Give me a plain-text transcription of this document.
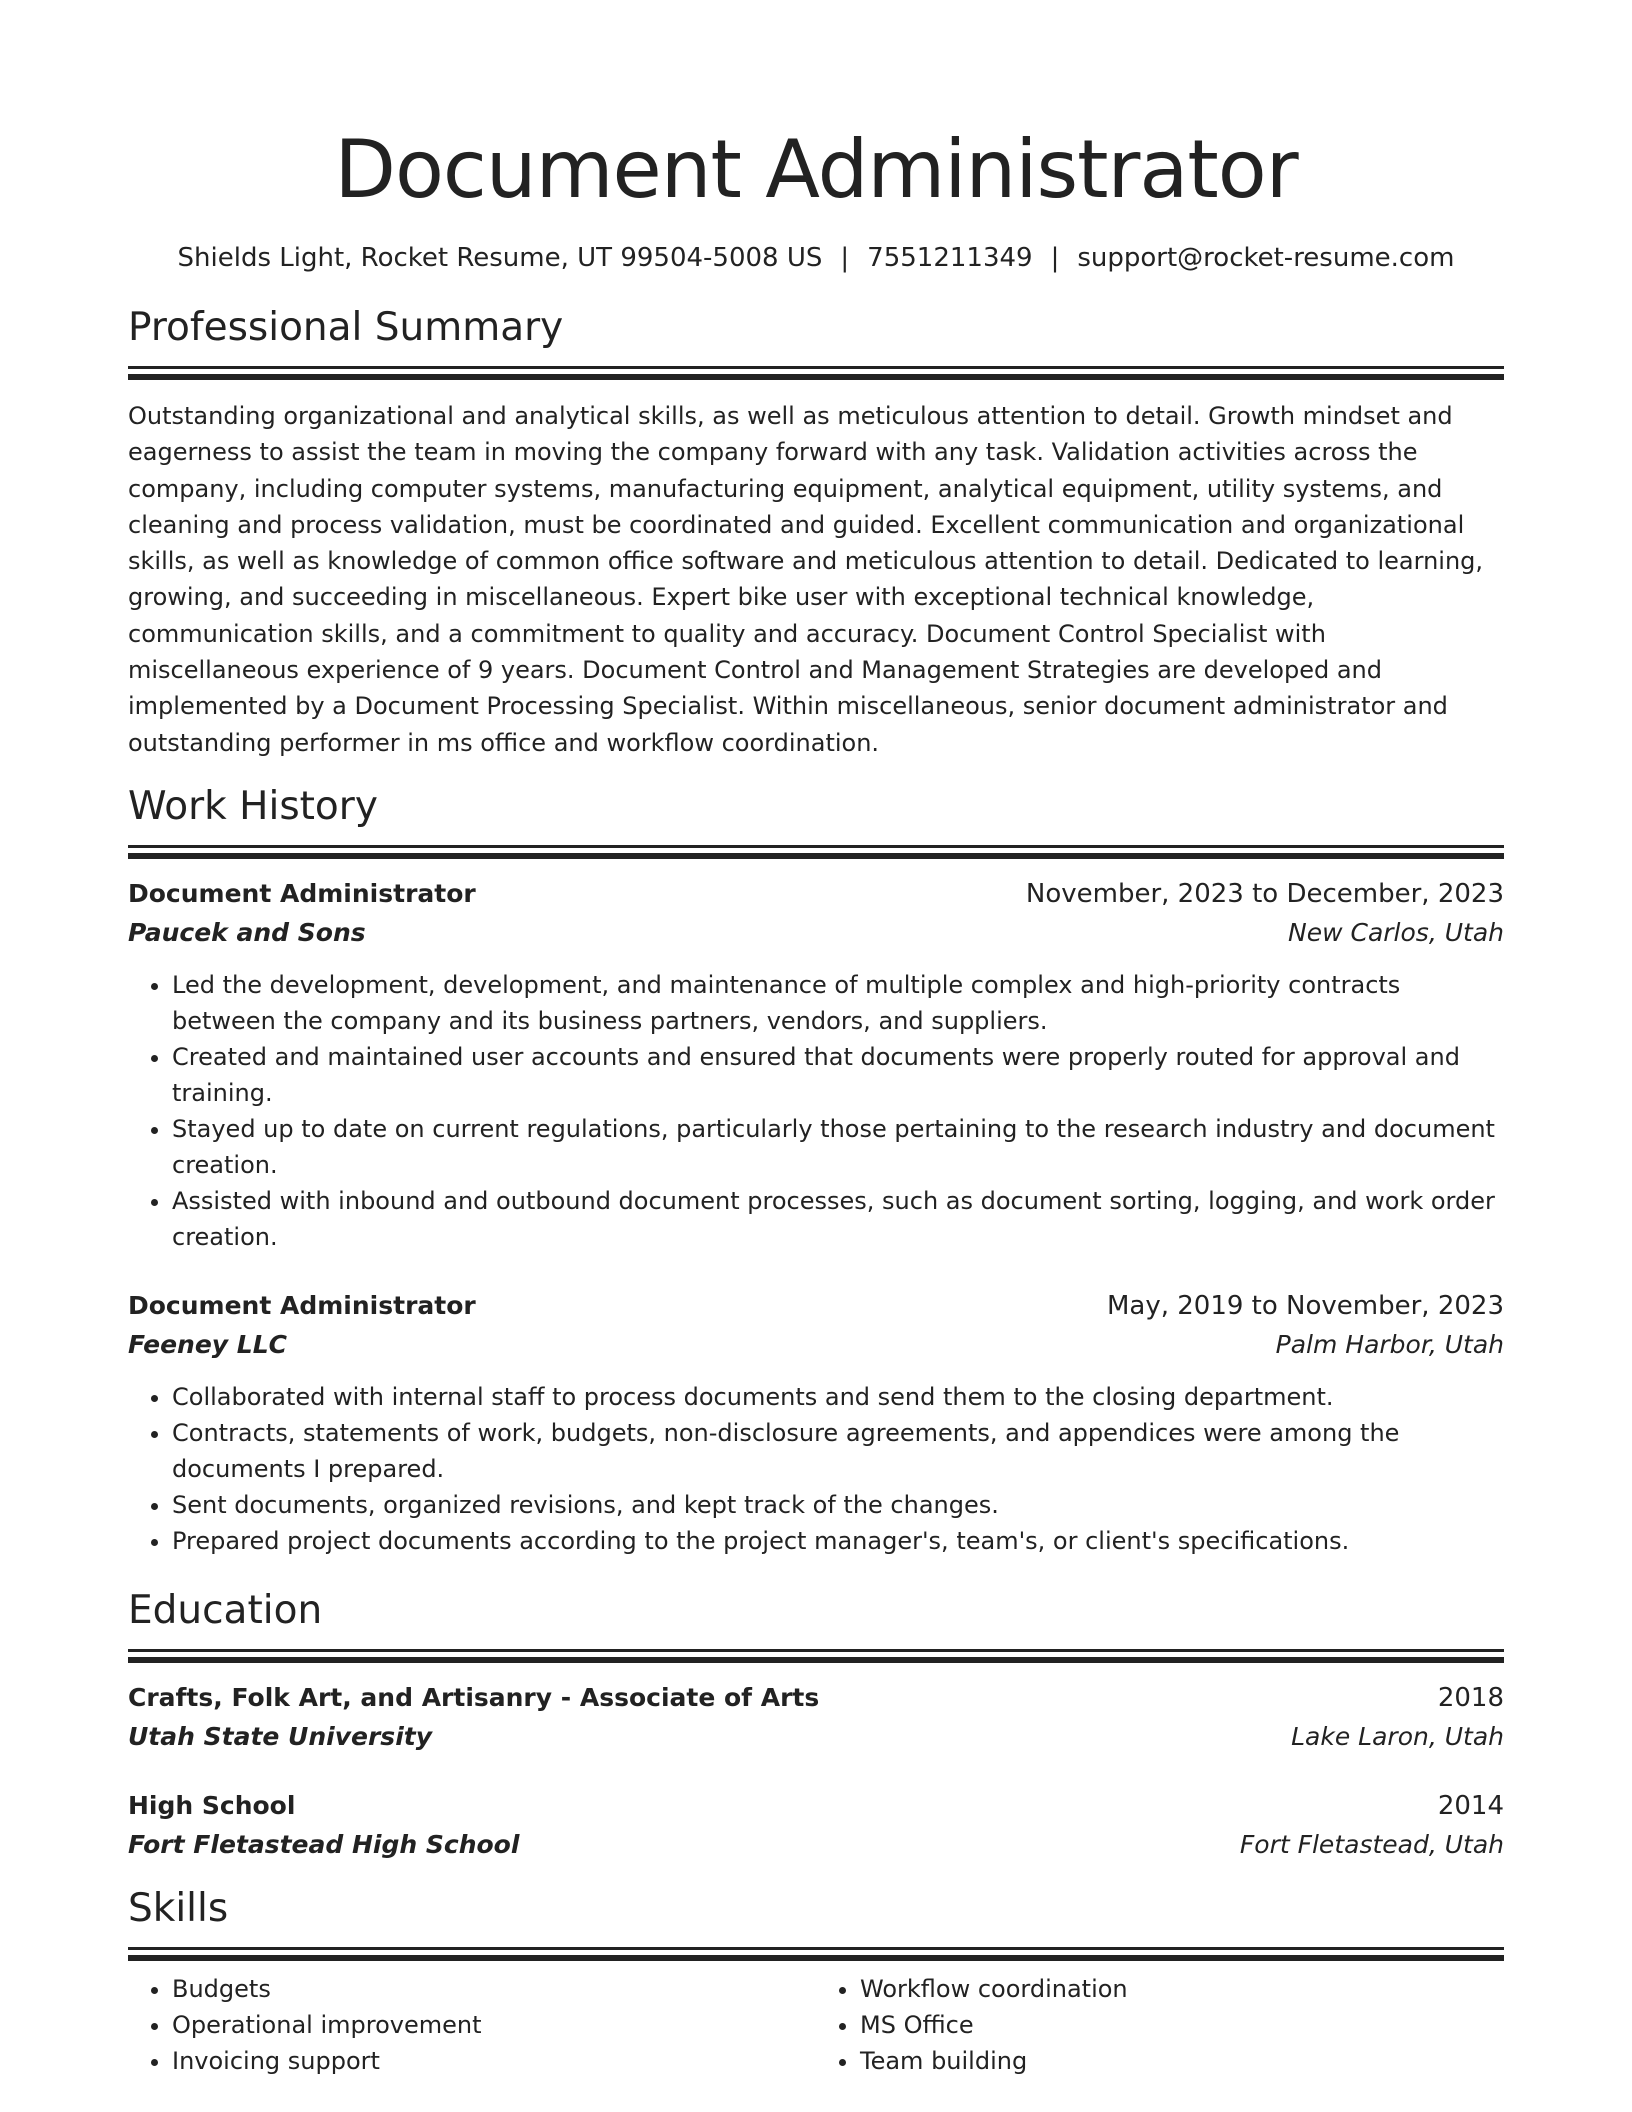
Document Administrator
Shields Light, Rocket Resume, UT 99504-5008 US | 7551211349 | support@rocket-resume.com
Professional Summary

Outstanding organizational and analytical skills, as well as meticulous attention to detail. Growth mindset and eagerness to assist the team in moving the company forward with any task. Validation activities across the company, including computer systems, manufacturing equipment, analytical equipment, utility systems, and cleaning and process validation, must be coordinated and guided. Excellent communication and organizational skills, as well as knowledge of common office software and meticulous attention to detail. Dedicated to learning, growing, and succeeding in miscellaneous. Expert bike user with exceptional technical knowledge, communication skills, and a commitment to quality and accuracy. Document Control Specialist with miscellaneous experience of 9 years. Document Control and Management Strategies are developed and implemented by a Document Processing Specialist. Within miscellaneous, senior document administrator and outstanding performer in ms office and workflow coordination.

Work History
Document Administrator	November, 2023 to December, 2023
Paucek and Sons	New Carlos, Utah
• Led the development, development, and maintenance of multiple complex and high-priority contracts between the company and its business partners, vendors, and suppliers.
• Created and maintained user accounts and ensured that documents were properly routed for approval and training.
• Stayed up to date on current regulations, particularly those pertaining to the research industry and document creation.
• Assisted with inbound and outbound document processes, such as document sorting, logging, and work order creation.
Document Administrator	May, 2019 to November, 2023
Feeney LLC	Palm Harbor, Utah
• Collaborated with internal staff to process documents and send them to the closing department.
• Contracts, statements of work, budgets, non-disclosure agreements, and appendices were among the documents I prepared.
• Sent documents, organized revisions, and kept track of the changes.
• Prepared project documents according to the project manager's, team's, or client's specifications.
Education
Crafts, Folk Art, and Artisanry - Associate of Arts	2018
Utah State University	Lake Laron, Utah
High School	2014
Fort Fletastead High School	Fort Fletastead, Utah
Skills
• Budgets
• Operational improvement
• Invoicing support
• Workflow coordination
• MS Office
• Team building
